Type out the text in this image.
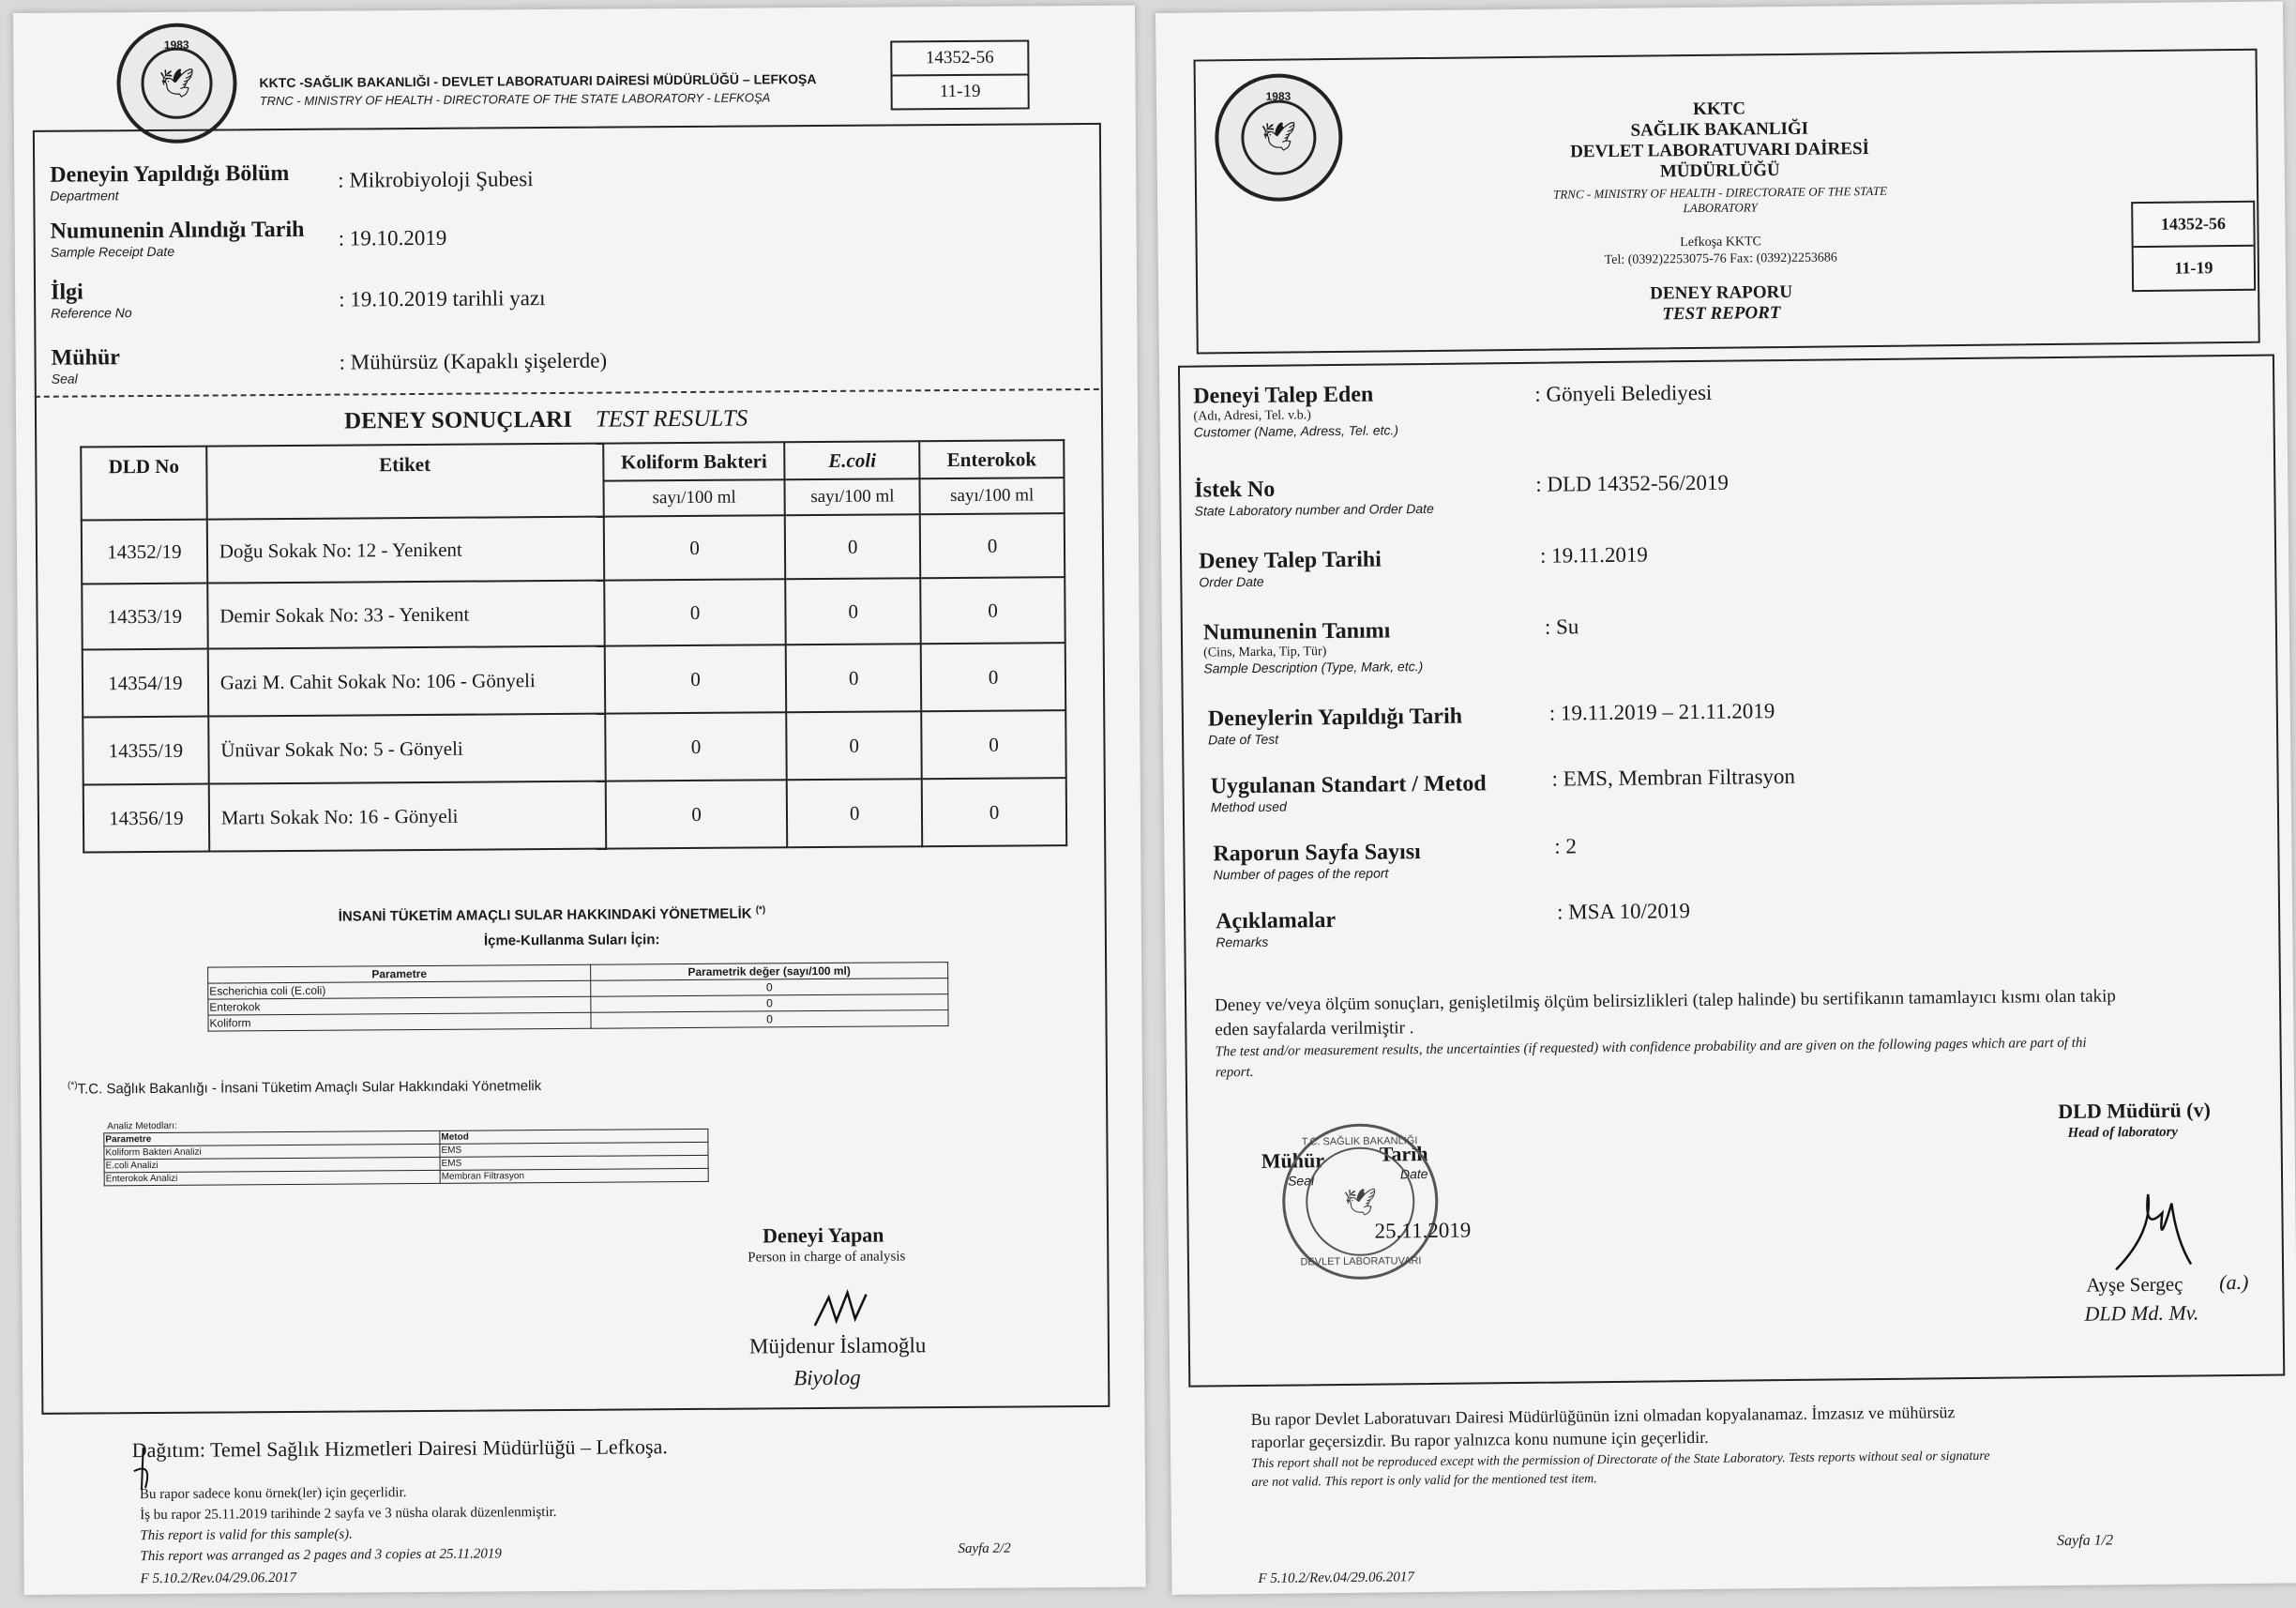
1983
🕊	KKTC -SAĞLIK BAKANLIĞI - DEVLET LABORATUARI DAİRESİ MÜDÜRLÜĞÜ – LEFKOŞA
TRNC - MINISTRY OF HEALTH - DIRECTORATE OF THE STATE LABORATORY - LEFKOŞA
14352-56
11-19
Deneyin Yapıldığı Bölüm
Department
: Mikrobiyoloji Şubesi
Numunenin Alındığı Tarih
Sample Receipt Date
: 19.10.2019
İlgi
Reference No
: 19.10.2019 tarihli yazı
Mühür
Seal
: Mühürsüz (Kapaklı şişelerde)
DENEY SONUÇLARI TEST RESULTS
DLD No	Etiket	Koliform Bakteri	E.coli	Enterokok
		sayı/100 ml	sayı/100 ml	sayı/100 ml
14352/19	Doğu Sokak No: 12 - Yenikent	0	0	0
14353/19	Demir Sokak No: 33 - Yenikent	0	0	0
14354/19	Gazi M. Cahit Sokak No: 106 - Gönyeli	0	0	0
14355/19	Ünüvar Sokak No: 5 - Gönyeli	0	0	0
14356/19	Martı Sokak No: 16 - Gönyeli	0	0	0
İNSANİ TÜKETİM AMAÇLI SULAR HAKKINDAKİ YÖNETMELİK (*)
İçme-Kullanma Suları İçin:
Parametre	Parametrik değer (sayı/100 ml)
Escherichia coli (E.coli)	0
Enterokok	0
Koliform	0
(*)T.C. Sağlık Bakanlığı - İnsani Tüketim Amaçlı Sular Hakkındaki Yönetmelik
Analiz Metodları:
Parametre	Metod
Koliform Bakteri Analizi	EMS
E.coli Analizi	EMS
Enterokok Analizi	Membran Filtrasyon
Deneyi Yapan
Person in charge of analysis
Müjdenur İslamoğlu
Biyolog
Dağıtım: Temel Sağlık Hizmetleri Dairesi Müdürlüğü – Lefkoşa.
Bu rapor sadece konu örnek(ler) için geçerlidir.
İş bu rapor 25.11.2019 tarihinde 2 sayfa ve 3 nüsha olarak düzenlenmiştir.
This report is valid for this sample(s).
This report was arranged as 2 pages and 3 copies at 25.11.2019
F 5.10.2/Rev.04/29.06.2017
Sayfa 2/2
1983
🕊
KKTC
SAĞLIK BAKANLIĞI
DEVLET LABORATUVARI DAİRESİ
MÜDÜRLÜĞÜ
TRNC - MINISTRY OF HEALTH - DIRECTORATE OF THE STATE
LABORATORY
Lefkoşa KKTC
Tel: (0392)2253075-76 Fax: (0392)2253686
DENEY RAPORU
TEST REPORT
14352-56
11-19
Deneyi Talep Eden
(Adı, Adresi, Tel. v.b.)
Customer (Name, Adress, Tel. etc.)
: Gönyeli Belediyesi
İstek No
State Laboratory number and Order Date
: DLD 14352-56/2019
Deney Talep Tarihi
Order Date
: 19.11.2019
Numunenin Tanımı
(Cins, Marka, Tip, Tür)
Sample Description (Type, Mark, etc.)
: Su
Deneylerin Yapıldığı Tarih
Date of Test
: 19.11.2019 – 21.11.2019
Uygulanan Standart / Metod
Method used
: EMS, Membran Filtrasyon
Raporun Sayfa Sayısı
Number of pages of the report
: 2
Açıklamalar
Remarks
: MSA 10/2019
Deney ve/veya ölçüm sonuçları, genişletilmiş ölçüm belirsizlikleri (talep halinde) bu sertifikanın tamamlayıcı kısmı olan takip
eden sayfalarda verilmiştir .
The test and/or measurement results, the uncertainties (if requested) with confidence probability and are given on the following pages which are part of thi
report.
Mühür
Seal
Tarih
Date
T.C. SAĞLIK BAKANLIĞI
DEVLET LABORATUVARI
🕊
25.11.2019
DLD Müdürü (v)
Head of laboratory
Ayşe Sergeç (a.)
DLD Md. Mv.
Bu rapor Devlet Laboratuvarı Dairesi Müdürlüğünün izni olmadan kopyalanamaz. İmzasız ve mühürsüz
raporlar geçersizdir. Bu rapor yalnızca konu numune için geçerlidir.
This report shall not be reproduced except with the permission of Directorate of the State Laboratory. Tests reports without seal or signature
are not valid. This report is only valid for the mentioned test item.
Sayfa 1/2
F 5.10.2/Rev.04/29.06.2017
